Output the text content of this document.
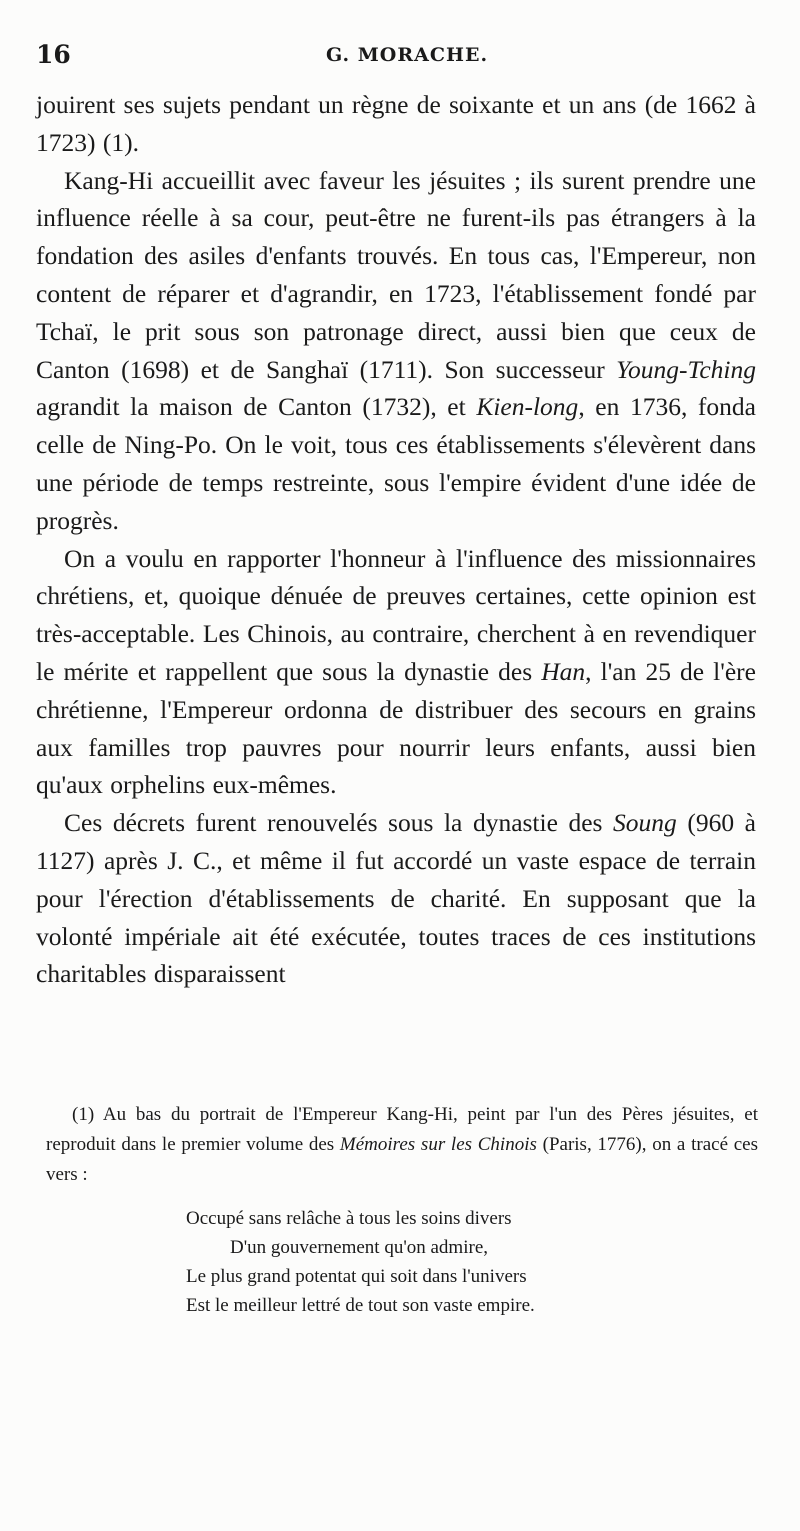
16	G. MORACHE.

jouirent ses sujets pendant un règne de soixante et un ans (de 1662 à 1723) (1).

Kang-Hi accueillit avec faveur les jésuites ; ils surent prendre une influence réelle à sa cour, peut-être ne furent-ils pas étrangers à la fondation des asiles d'enfants trouvés. En tous cas, l'Empereur, non content de réparer et d'agrandir, en 1723, l'établissement fondé par Tchaï, le prit sous son patronage direct, aussi bien que ceux de Canton (1698) et de Sanghaï (1711). Son successeur Young-Tching agrandit la maison de Canton (1732), et Kien-long, en 1736, fonda celle de Ning-Po. On le voit, tous ces établissements s'élevèrent dans une période de temps restreinte, sous l'empire évident d'une idée de progrès.

On a voulu en rapporter l'honneur à l'influence des missionnaires chrétiens, et, quoique dénuée de preuves certaines, cette opinion est très-acceptable. Les Chinois, au contraire, cherchent à en revendiquer le mérite et rappellent que sous la dynastie des Han, l'an 25 de l'ère chrétienne, l'Empereur ordonna de distribuer des secours en grains aux familles trop pauvres pour nourrir leurs enfants, aussi bien qu'aux orphelins eux-mêmes.

Ces décrets furent renouvelés sous la dynastie des Soung (960 à 1127) après J. C., et même il fut accordé un vaste espace de terrain pour l'érection d'établissements de charité. En supposant que la volonté impériale ait été exécutée, toutes traces de ces institutions charitables disparaissent

(1) Au bas du portrait de l'Empereur Kang-Hi, peint par l'un des Pères jésuites, et reproduit dans le premier volume des Mémoires sur les Chinois (Paris, 1776), on a tracé ces vers :

Occupé sans relâche à tous les soins divers
D'un gouvernement qu'on admire,
Le plus grand potentat qui soit dans l'univers
Est le meilleur lettré de tout son vaste empire.
